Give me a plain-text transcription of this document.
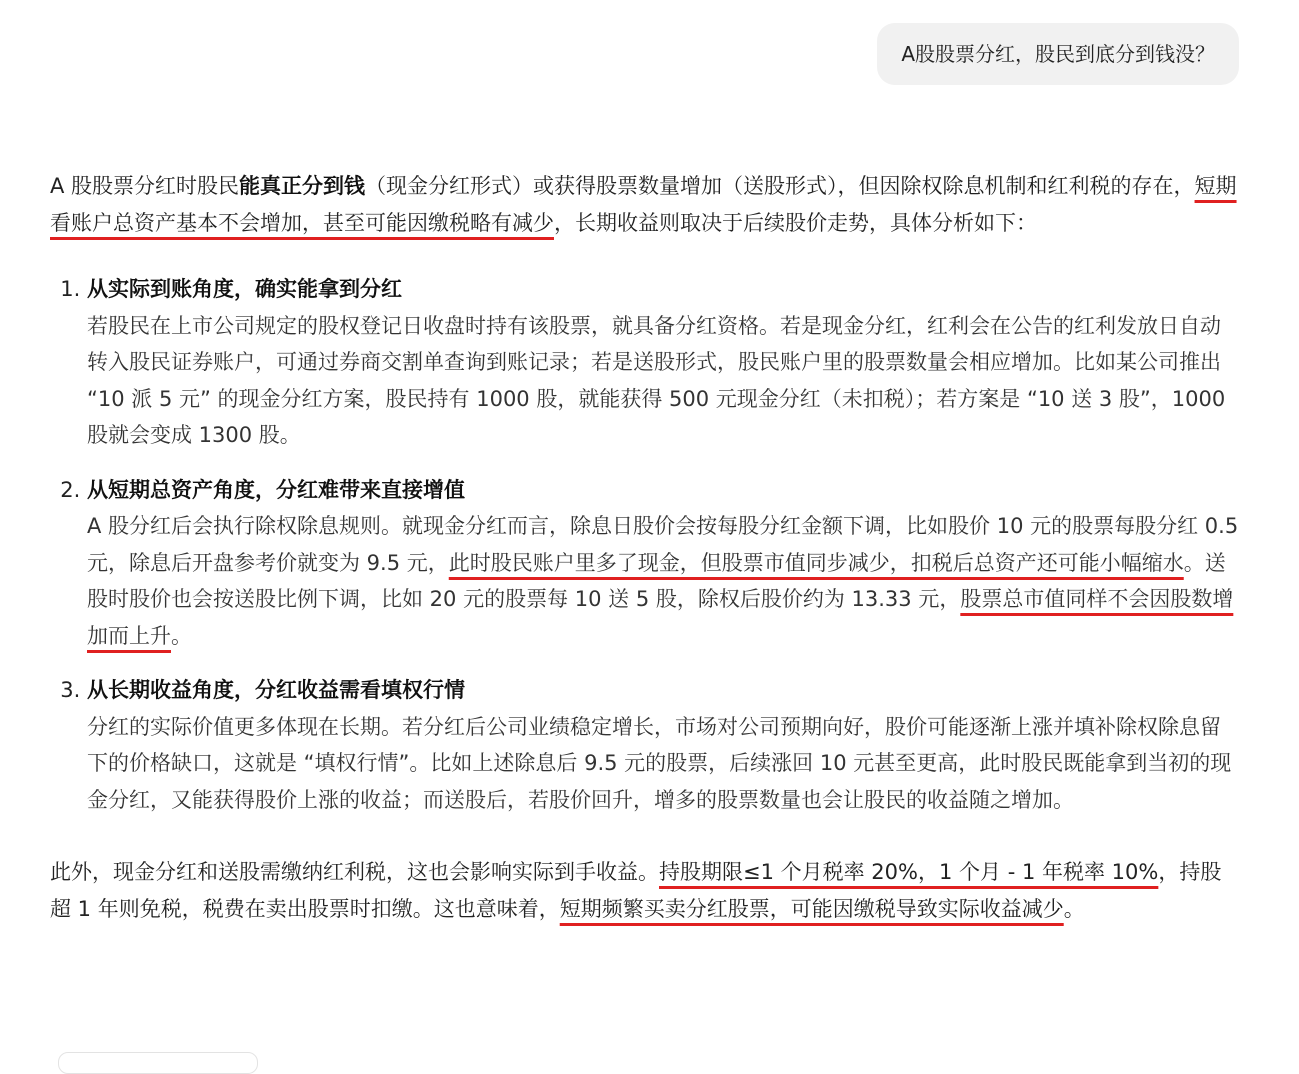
A股股票分红，股民到底分到钱没？

A 股股票分红时股民能真正分到钱（现金分红形式）或获得股票数量增加（送股形式），但因除权除息机制和红利税的存在，短期看账户总资产基本不会增加，甚至可能因缴税略有减少，长期收益则取决于后续股价走势，具体分析如下：

1. 从实际到账角度，确实能拿到分红
若股民在上市公司规定的股权登记日收盘时持有该股票，就具备分红资格。若是现金分红，红利会在公告的红利发放日自动转入股民证券账户，可通过券商交割单查询到账记录；若是送股形式，股民账户里的股票数量会相应增加。比如某公司推出 “10 派 5 元” 的现金分红方案，股民持有 1000 股，就能获得 500 元现金分红（未扣税）；若方案是 “10 送 3 股”，1000 股就会变成 1300 股。
2. 从短期总资产角度，分红难带来直接增值
A 股分红后会执行除权除息规则。就现金分红而言，除息日股价会按每股分红金额下调，比如股价 10 元的股票每股分红 0.5 元，除息后开盘参考价就变为 9.5 元，此时股民账户里多了现金，但股票市值同步减少，扣税后总资产还可能小幅缩水。送股时股价也会按送股比例下调，比如 20 元的股票每 10 送 5 股，除权后股价约为 13.33 元，股票总市值同样不会因股数增加而上升。
3. 从长期收益角度，分红收益需看填权行情
分红的实际价值更多体现在长期。若分红后公司业绩稳定增长，市场对公司预期向好，股价可能逐渐上涨并填补除权除息留下的价格缺口，这就是 “填权行情”。比如上述除息后 9.5 元的股票，后续涨回 10 元甚至更高，此时股民既能拿到当初的现金分红，又能获得股价上涨的收益；而送股后，若股价回升，增多的股票数量也会让股民的收益随之增加。

此外，现金分红和送股需缴纳红利税，这也会影响实际到手收益。持股期限≤1 个月税率 20%，1 个月 - 1 年税率 10%，持股超 1 年则免税，税费在卖出股票时扣缴。这也意味着，短期频繁买卖分红股票，可能因缴税导致实际收益减少。
